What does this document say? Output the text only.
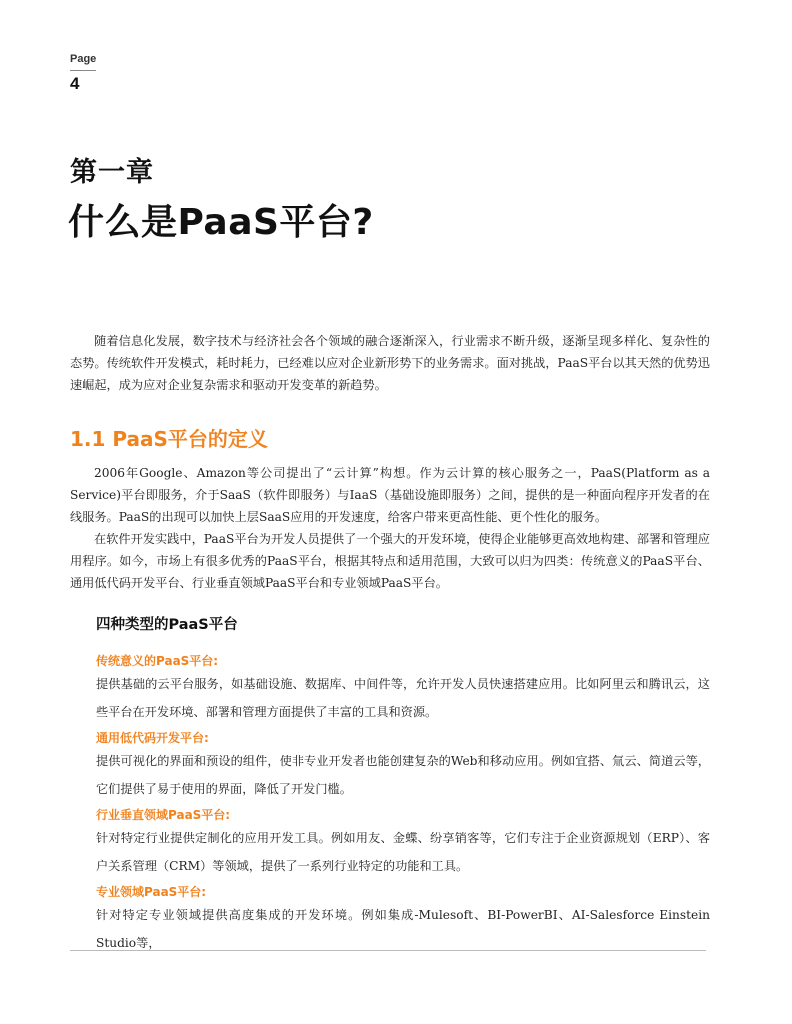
Page
4
第一章
什么是PaaS平台?

随着信息化发展，数字技术与经济社会各个领域的融合逐渐深入，行业需求不断升级，逐渐呈现多样化、复杂性的态势。传统软件开发模式，耗时耗力，已经难以应对企业新形势下的业务需求。面对挑战，PaaS平台以其天然的优势迅速崛起，成为应对企业复杂需求和驱动开发变革的新趋势。

1.1 PaaS平台的定义

2006年Google、Amazon等公司提出了“云计算”构想。作为云计算的核心服务之一，PaaS(Platform as a Service)平台即服务，介于SaaS（软件即服务）与IaaS（基础设施即服务）之间，提供的是一种面向程序开发者的在线服务。PaaS的出现可以加快上层SaaS应用的开发速度，给客户带来更高性能、更个性化的服务。

在软件开发实践中，PaaS平台为开发人员提供了一个强大的开发环境，使得企业能够更高效地构建、部署和管理应用程序。如今，市场上有很多优秀的PaaS平台，根据其特点和适用范围，大致可以归为四类：传统意义的PaaS平台、通用低代码开发平台、行业垂直领域PaaS平台和专业领域PaaS平台。

四种类型的PaaS平台
传统意义的PaaS平台:
提供基础的云平台服务，如基础设施、数据库、中间件等，允许开发人员快速搭建应用。比如阿里云和腾讯云，这些平台在开发环境、部署和管理方面提供了丰富的工具和资源。
通用低代码开发平台:
提供可视化的界面和预设的组件，使非专业开发者也能创建复杂的Web和移动应用。例如宜搭、氚云、简道云等，它们提供了易于使用的界面，降低了开发门槛。
行业垂直领域PaaS平台:
针对特定行业提供定制化的应用开发工具。例如用友、金蝶、纷享销客等，它们专注于企业资源规划（ERP）、客户关系管理（CRM）等领域，提供了一系列行业特定的功能和工具。
专业领域PaaS平台:
针对特定专业领域提供高度集成的开发环境。例如集成-Mulesoft、BI-PowerBI、AI-Salesforce Einstein Studio等，
